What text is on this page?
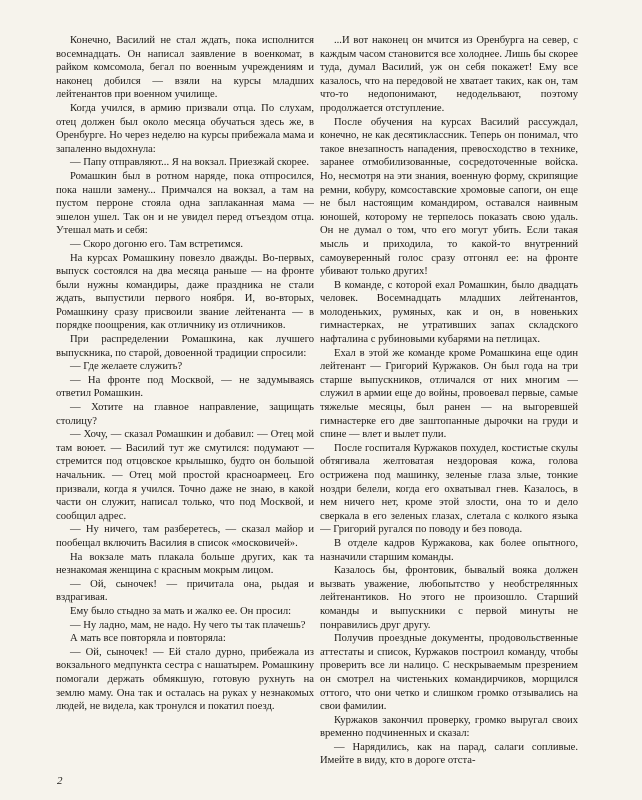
Конечно, Василий не стал ждать, пока исполнится восемнадцать. Он написал заявление в военкомат, в райком комсомола, бегал по военным учреждениям и наконец добился — взяли на курсы младших лейтенантов при военном училище.

Когда учился, в армию призвали отца. По слухам, отец должен был около месяца обучаться здесь же, в Оренбурге. Но через неделю на курсы прибежала мама и запаленно выдохнула:

— Папу отправляют... Я на вокзал. Приезжай скорее.

Ромашкин был в ротном наряде, пока отпросился, пока нашли замену... Примчался на вокзал, а там на пустом перроне стояла одна заплаканная мама — эшелон ушел. Так он и не увидел перед отъездом отца. Утешал мать и себя:

— Скоро догоню его. Там встретимся.

На курсах Ромашкину повезло дважды. Во-первых, выпуск состоялся на два месяца раньше — на фронте были нужны командиры, даже праздника не стали ждать, выпустили первого ноября. И, во-вторых, Ромашкину сразу присвоили звание лейтенанта — в порядке поощрения, как отличнику из отличников.

При распределении Ромашкина, как лучшего выпускника, по старой, довоенной традиции спросили:

— Где желаете служить?

— На фронте под Москвой, — не задумываясь ответил Ромашкин.

— Хотите на главное направление, защищать столицу?

— Хочу, — сказал Ромашкин и добавил: — Отец мой там воюет. — Василий тут же смутился: подумают — стремится под отцовское крылышко, будто он большой начальник. — Отец мой простой красноармеец. Его призвали, когда я учился. Точно даже не знаю, в какой части он служит, написал только, что под Москвой, и сообщил адрес.

— Ну ничего, там разберетесь, — сказал майор и пообещал включить Василия в список «московичей».

На вокзале мать плакала больше других, как та незнакомая женщина с красным мокрым лицом.

— Ой, сыночек! — причитала она, рыдая и вздрагивая.

Ему было стыдно за мать и жалко ее. Он просил:

— Ну ладно, мам, не надо. Ну чего ты так плачешь?

А мать все повторяла и повторяла:

— Ой, сыночек! — Ей стало дурно, прибежала из вокзального медпункта сестра с нашатырем. Ромашкину помогали держать обмякшую, готовую рухнуть на землю маму. Она так и осталась на руках у незнакомых людей, не видела, как тронулся и покатил поезд.

...И вот наконец он мчится из Оренбурга на север, с каждым часом становится все холоднее. Лишь бы скорее туда, думал Василий, уж он себя покажет! Ему все казалось, что на передовой не хватает таких, как он, там что-то недопонимают, недодельвают, поэтому продолжается отступление.

После обучения на курсах Василий рассуждал, конечно, не как десятиклассник. Теперь он понимал, что такое внезапность нападения, превосходство в технике, заранее отмобилизованные, сосредоточенные войска. Но, несмотря на эти знания, военную форму, скрипящие ремни, кобуру, комсоставские хромовые сапоги, он еще не был настоящим командиром, оставался наивным юношей, которому не терпелось показать свою удаль. Он не думал о том, что его могут убить. Если такая мысль и приходила, то какой-то внутренний самоуверенный голос сразу отгонял ее: на фронте убивают только других!

В команде, с которой ехал Ромашкин, было двадцать человек. Восемнадцать младших лейтенантов, молоденьких, румяных, как и он, в новеньких гимнастерках, не утративших запах складского нафталина с рубиновыми кубарями на петлицах.

Ехал в этой же команде кроме Ромашкина еще один лейтенант — Григорий Куржаков. Он был года на три старше выпускников, отличался от них многим — служил в армии еще до войны, провоевал первые, самые тяжелые месяцы, был ранен — на выгоревшей гимнастерке его две заштопанные дырочки на груди и спине — влет и вылет пули.

После госпиталя Куржаков похудел, костистые скулы обтягивала желтоватая нездоровая кожа, голова острижена под машинку, зеленые глаза злые, тонкие ноздри белели, когда его охватывал гнев. Казалось, в нем ничего нет, кроме этой злости, она то и дело сверкала в его зеленых глазах, слетала с колкого языка — Григорий ругался по поводу и без повода.

В отделе кадров Куржакова, как более опытного, назначили старшим команды.

Казалось бы, фронтовик, бывалый вояка должен вызвать уважение, любопытство у необстрелянных лейтенантиков. Но этого не произошло. Старший команды и выпускники с первой минуты не понравились друг другу.

Получив проездные документы, продовольственные аттестаты и список, Куржаков построил команду, чтобы проверить все ли налицо. С нескрываемым презрением он смотрел на чистеньких командирчиков, морщился оттого, что они четко и слишком громко отзывались на свои фамилии.

Куржаков закончил проверку, громко выругал своих временно подчиненных и сказал:

— Нарядились, как на парад, салаги сопливые. Имейте в виду, кто в дороге отста-

2
